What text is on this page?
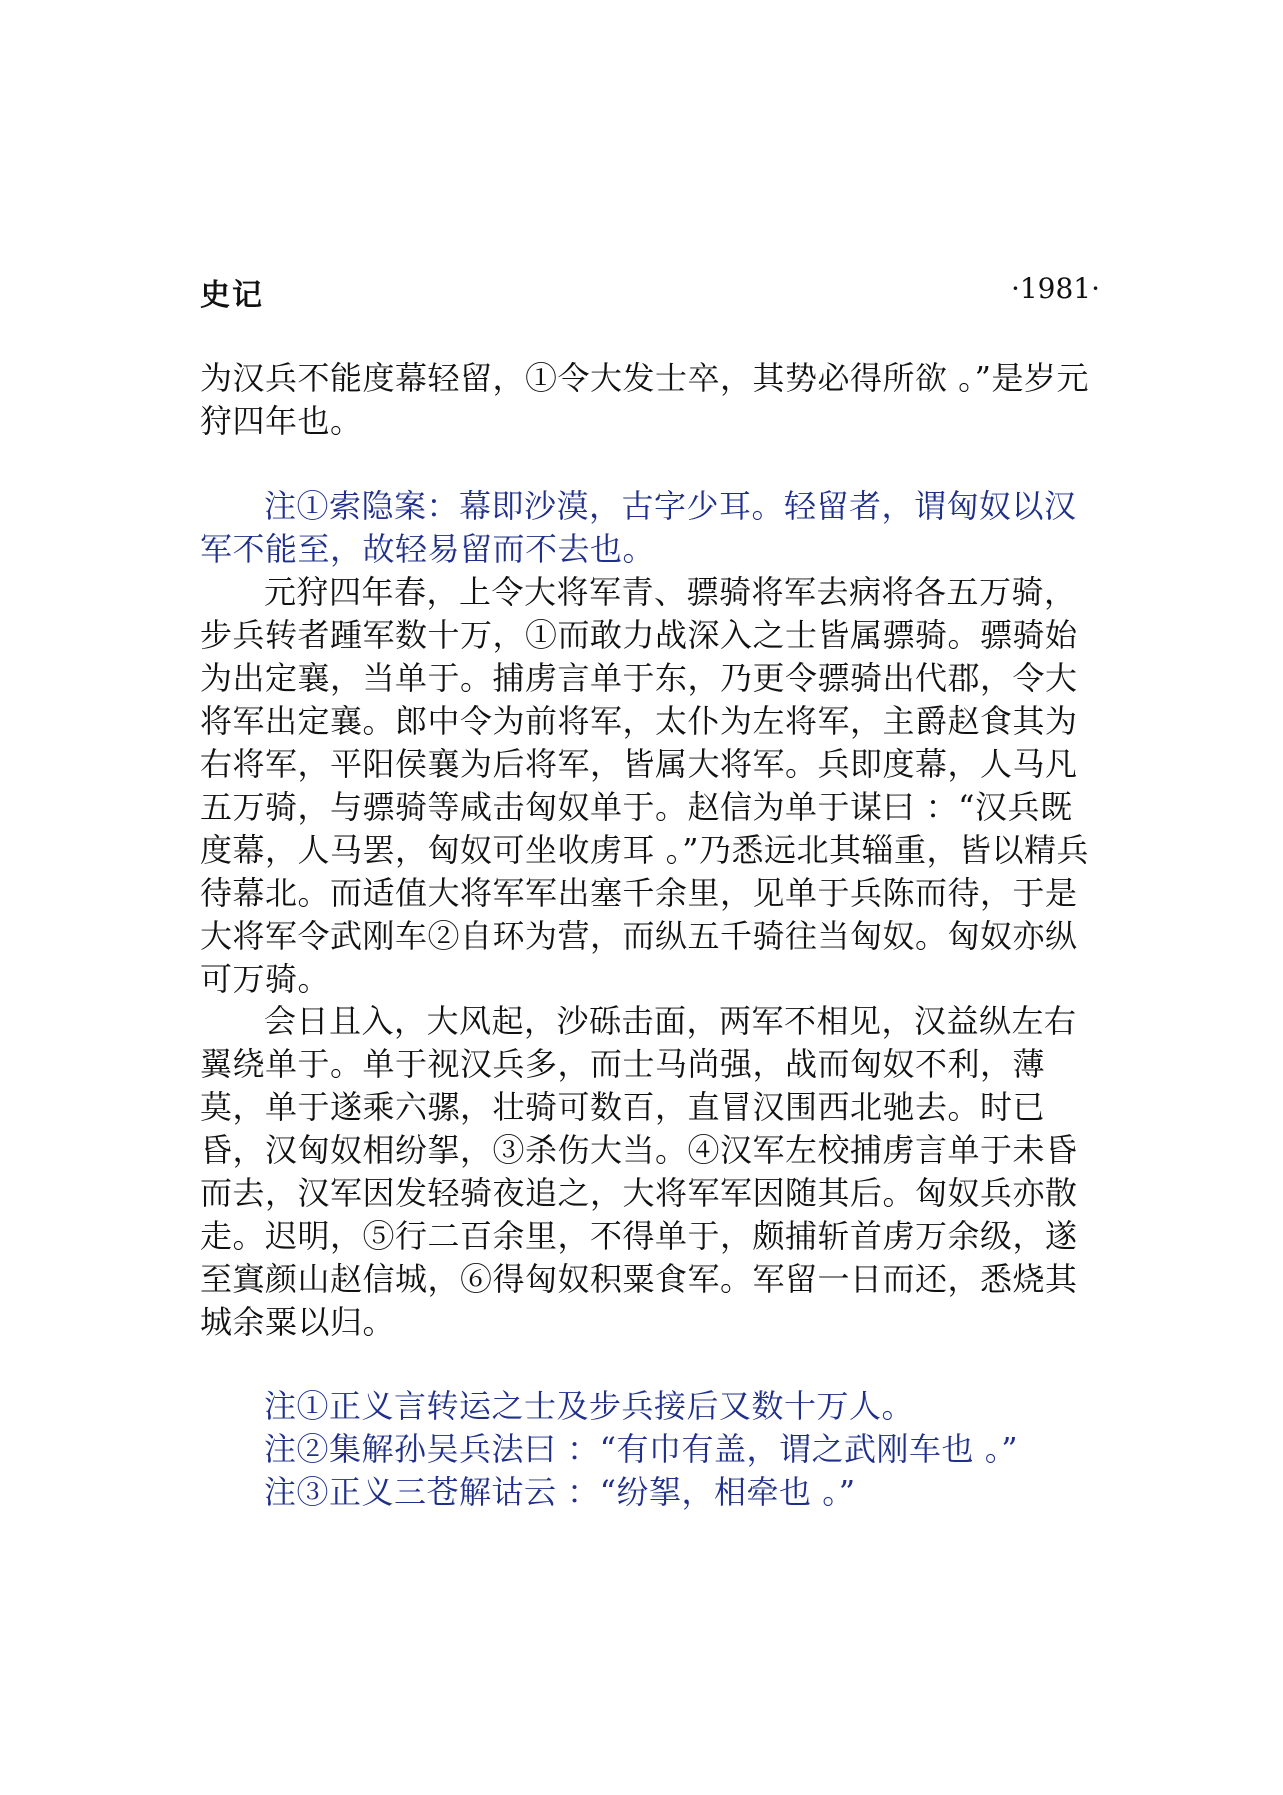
史记	·1981·

为汉兵不能度幕轻留，①令大发士卒，其势必得所欲 。”是岁元狩四年也。

注①索隐案：幕即沙漠，古字少耳。轻留者，谓匈奴以汉军不能至，故轻易留而不去也。

元狩四年春，上令大将军青、骠骑将军去病将各五万骑，步兵转者踵军数十万，①而敢力战深入之士皆属骠骑。骠骑始为出定襄，当单于。捕虏言单于东，乃更令骠骑出代郡，令大将军出定襄。郎中令为前将军，太仆为左将军，主爵赵食其为右将军，平阳侯襄为后将军，皆属大将军。兵即度幕，人马凡五万骑，与骠骑等咸击匈奴单于。赵信为单于谋曰 ：“汉兵既度幕，人马罢，匈奴可坐收虏耳 。”乃悉远北其辎重，皆以精兵待幕北。而适值大将军军出塞千余里，见单于兵陈而待，于是大将军令武刚车②自环为营，而纵五千骑往当匈奴。匈奴亦纵可万骑。

会日且入，大风起，沙砾击面，两军不相见，汉益纵左右翼绕单于。单于视汉兵多，而士马尚强，战而匈奴不利，薄莫，单于遂乘六骡，壮骑可数百，直冒汉围西北驰去。时已昏，汉匈奴相纷挐，③杀伤大当。④汉军左校捕虏言单于未昏而去，汉军因发轻骑夜追之，大将军军因随其后。匈奴兵亦散走。迟明，⑤行二百余里，不得单于，颇捕斩首虏万余级，遂至窴颜山赵信城，⑥得匈奴积粟食军。军留一日而还，悉烧其城余粟以归。

注①正义言转运之士及步兵接后又数十万人。

注②集解孙吴兵法曰 ：“有巾有盖，谓之武刚车也 。”

注③正义三苍解诂云 ：“纷挐，相牵也 。”
